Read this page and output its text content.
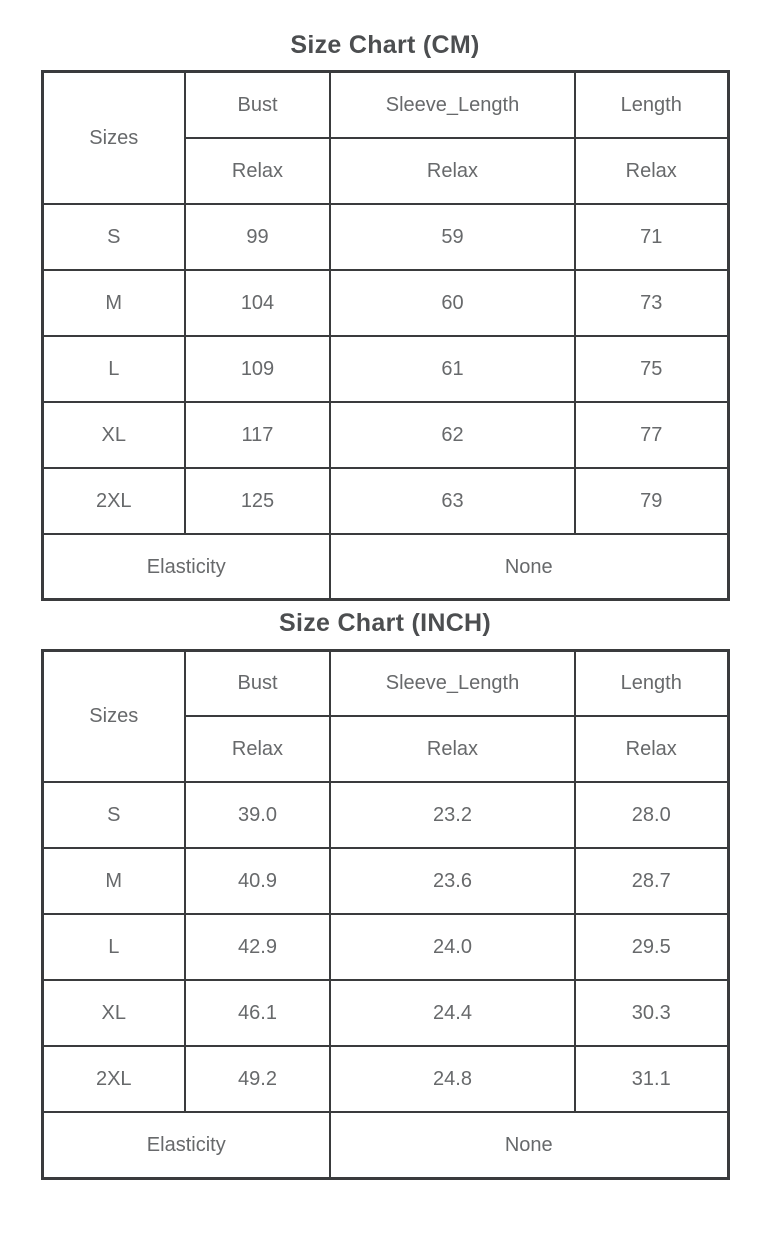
Size Chart (CM)
Sizes	Bust	Sleeve_Length	Length
	Relax	Relax	Relax
S	99	59	71
M	104	60	73
L	109	61	75
XL	117	62	77
2XL	125	63	79
Elasticity		None	
Size Chart (INCH)
Sizes	Bust	Sleeve_Length	Length
	Relax	Relax	Relax
S	39.0	23.2	28.0
M	40.9	23.6	28.7
L	42.9	24.0	29.5
XL	46.1	24.4	30.3
2XL	49.2	24.8	31.1
Elasticity		None	
